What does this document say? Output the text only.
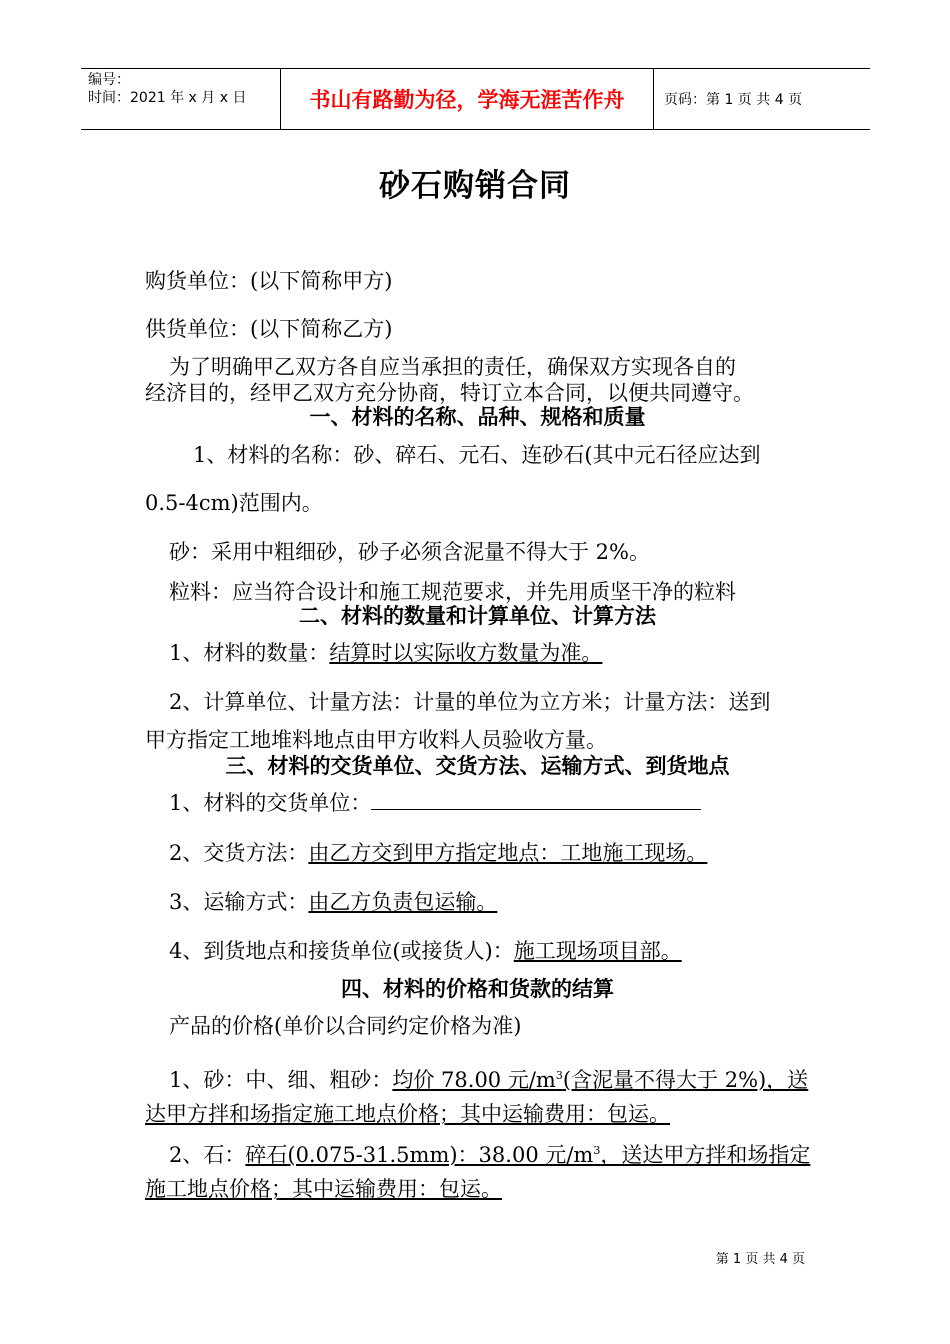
编号：
时间：2021 年 x 月 x 日	书山有路勤为径，学海无涯苦作舟	页码：第 1 页 共 4 页
砂石购销合同
购货单位：(以下简称甲方)
供货单位：(以下简称乙方)
为了明确甲乙双方各自应当承担的责任，确保双方实现各自的
经济目的，经甲乙双方充分协商，特订立本合同，以便共同遵守。
一、材料的名称、品种、规格和质量
1、材料的名称：砂、碎石、元石、连砂石(其中元石径应达到
0.5-4cm)范围内。
砂：采用中粗细砂，砂子必须含泥量不得大于 2%。
粒料：应当符合设计和施工规范要求，并先用质坚干净的粒料
二、材料的数量和计算单位、计算方法
1、材料的数量：结算时以实际收方数量为准。
2、计算单位、计量方法：计量的单位为立方米；计量方法：送到
甲方指定工地堆料地点由甲方收料人员验收方量。
三、材料的交货单位、交货方法、运输方式、到货地点
1、材料的交货单位：
2、交货方法：由乙方交到甲方指定地点：工地施工现场。
3、运输方式：由乙方负责包运输。
4、到货地点和接货单位(或接货人)：施工现场项目部。
四、材料的价格和货款的结算
产品的价格(单价以合同约定价格为准)
1、砂：中、细、粗砂：均价 78.00 元$/m^3$(含泥量不得大于 2%)，送
达甲方拌和场指定施工地点价格；其中运输费用：包运。
2、石：碎石(0.075-31.5mm)：38.00 元$/m^3$，送达甲方拌和场指定
施工地点价格；其中运输费用：包运。
第 1 页 共 4 页
